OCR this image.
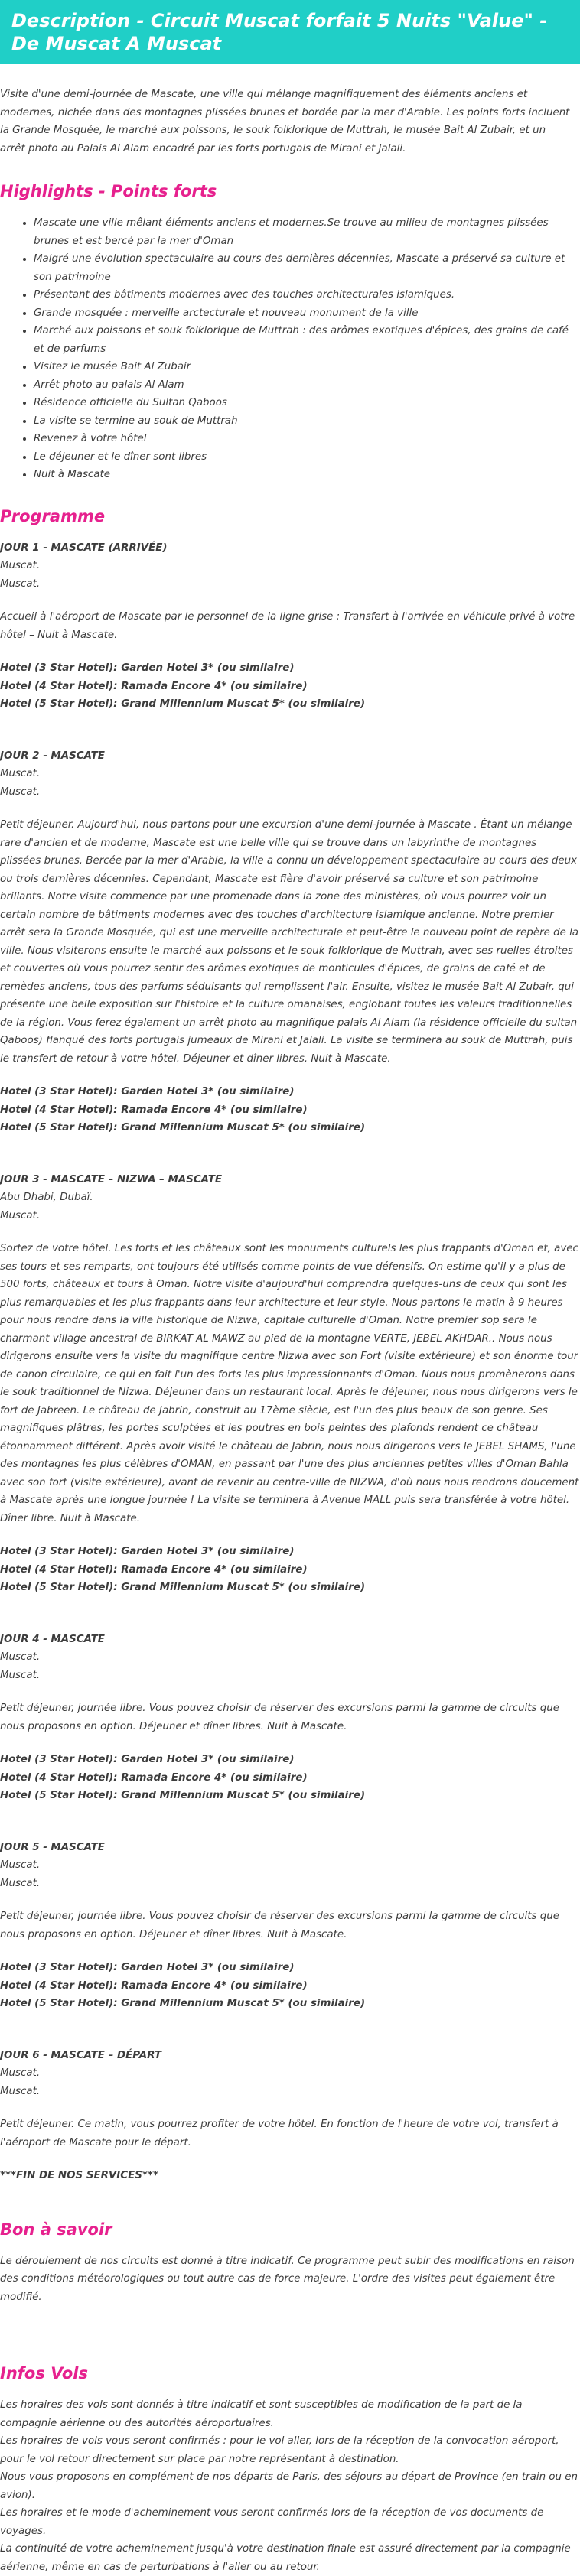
Description - Circuit Muscat forfait 5 Nuits "Value" - De Muscat A Muscat

Visite d'une demi-journée de Mascate, une ville qui mélange magnifiquement des éléments anciens et modernes, nichée dans des montagnes plissées brunes et bordée par la mer d'Arabie. Les points forts incluent la Grande Mosquée, le marché aux poissons, le souk folklorique de Muttrah, le musée Bait Al Zubair, et un arrêt photo au Palais Al Alam encadré par les forts portugais de Mirani et Jalali.

Highlights - Points forts
• Mascate une ville mêlant éléments anciens et modernes.Se trouve au milieu de montagnes plissées brunes et est bercé par la mer d'Oman
• Malgré une évolution spectaculaire au cours des dernières décennies, Mascate a préservé sa culture et son patrimoine
• Présentant des bâtiments modernes avec des touches architecturales islamiques.
• Grande mosquée : merveille arctecturale et nouveau monument de la ville
• Marché aux poissons et souk folklorique de Muttrah : des arômes exotiques d'épices, des grains de café et de parfums
• Visitez le musée Bait Al Zubair
• Arrêt photo au palais Al Alam
• Résidence officielle du Sultan Qaboos
• La visite se termine au souk de Muttrah
• Revenez à votre hôtel
• Le déjeuner et le dîner sont libres
• Nuit à Mascate
Programme
JOUR 1 - MASCATE (ARRIVÉE)
Muscat.
Muscat.

Accueil à l'aéroport de Mascate par le personnel de la ligne grise : Transfert à l'arrivée en véhicule privé à votre hôtel – Nuit à Mascate.

Hotel (3 Star Hotel): Garden Hotel 3* (ou similaire)
Hotel (4 Star Hotel): Ramada Encore 4* (ou similaire)
Hotel (5 Star Hotel): Grand Millennium Muscat 5* (ou similaire)
JOUR 2 - MASCATE
Muscat.
Muscat.

Petit déjeuner. Aujourd'hui, nous partons pour une excursion d'une demi-journée à Mascate . Étant un mélange rare d'ancien et de moderne, Mascate est une belle ville qui se trouve dans un labyrinthe de montagnes plissées brunes. Bercée par la mer d'Arabie, la ville a connu un développement spectaculaire au cours des deux ou trois dernières décennies. Cependant, Mascate est fière d'avoir préservé sa culture et son patrimoine brillants. Notre visite commence par une promenade dans la zone des ministères, où vous pourrez voir un certain nombre de bâtiments modernes avec des touches d'architecture islamique ancienne. Notre premier arrêt sera la Grande Mosquée, qui est une merveille architecturale et peut-être le nouveau point de repère de la ville. Nous visiterons ensuite le marché aux poissons et le souk folklorique de Muttrah, avec ses ruelles étroites et couvertes où vous pourrez sentir des arômes exotiques de monticules d'épices, de grains de café et de remèdes anciens, tous des parfums séduisants qui remplissent l'air. Ensuite, visitez le musée Bait Al Zubair, qui présente une belle exposition sur l'histoire et la culture omanaises, englobant toutes les valeurs traditionnelles de la région. Vous ferez également un arrêt photo au magnifique palais Al Alam (la résidence officielle du sultan Qaboos) flanqué des forts portugais jumeaux de Mirani et Jalali. La visite se terminera au souk de Muttrah, puis le transfert de retour à votre hôtel. Déjeuner et dîner libres. Nuit à Mascate.

Hotel (3 Star Hotel): Garden Hotel 3* (ou similaire)
Hotel (4 Star Hotel): Ramada Encore 4* (ou similaire)
Hotel (5 Star Hotel): Grand Millennium Muscat 5* (ou similaire)
JOUR 3 - MASCATE – NIZWA – MASCATE
Abu Dhabi, Dubaï.
Muscat.

Sortez de votre hôtel. Les forts et les châteaux sont les monuments culturels les plus frappants d'Oman et, avec ses tours et ses remparts, ont toujours été utilisés comme points de vue défensifs. On estime qu'il y a plus de 500 forts, châteaux et tours à Oman. Notre visite d'aujourd'hui comprendra quelques-uns de ceux qui sont les plus remarquables et les plus frappants dans leur architecture et leur style. Nous partons le matin à 9 heures pour nous rendre dans la ville historique de Nizwa, capitale culturelle d'Oman. Notre premier sop sera le charmant village ancestral de BIRKAT AL MAWZ au pied de la montagne VERTE, JEBEL AKHDAR.. Nous nous dirigerons ensuite vers la visite du magnifique centre Nizwa avec son Fort (visite extérieure) et son énorme tour de canon circulaire, ce qui en fait l'un des forts les plus impressionnants d'Oman. Nous nous promènerons dans le souk traditionnel de Nizwa. Déjeuner dans un restaurant local. Après le déjeuner, nous nous dirigerons vers le fort de Jabreen. Le château de Jabrin, construit au 17ème siècle, est l'un des plus beaux de son genre. Ses magnifiques plâtres, les portes sculptées et les poutres en bois peintes des plafonds rendent ce château étonnamment différent. Après avoir visité le château de Jabrin, nous nous dirigerons vers le JEBEL SHAMS, l'une des montagnes les plus célèbres d'OMAN, en passant par l'une des plus anciennes petites villes d'Oman Bahla avec son fort (visite extérieure), avant de revenir au centre-ville de NIZWA, d'où nous nous rendrons doucement à Mascate après une longue journée ! La visite se terminera à Avenue MALL puis sera transférée à votre hôtel. Dîner libre. Nuit à Mascate.

Hotel (3 Star Hotel): Garden Hotel 3* (ou similaire)
Hotel (4 Star Hotel): Ramada Encore 4* (ou similaire)
Hotel (5 Star Hotel): Grand Millennium Muscat 5* (ou similaire)
JOUR 4 - MASCATE
Muscat.
Muscat.

Petit déjeuner, journée libre. Vous pouvez choisir de réserver des excursions parmi la gamme de circuits que nous proposons en option. Déjeuner et dîner libres. Nuit à Mascate.

Hotel (3 Star Hotel): Garden Hotel 3* (ou similaire)
Hotel (4 Star Hotel): Ramada Encore 4* (ou similaire)
Hotel (5 Star Hotel): Grand Millennium Muscat 5* (ou similaire)
JOUR 5 - MASCATE
Muscat.
Muscat.

Petit déjeuner, journée libre. Vous pouvez choisir de réserver des excursions parmi la gamme de circuits que nous proposons en option. Déjeuner et dîner libres. Nuit à Mascate.

Hotel (3 Star Hotel): Garden Hotel 3* (ou similaire)
Hotel (4 Star Hotel): Ramada Encore 4* (ou similaire)
Hotel (5 Star Hotel): Grand Millennium Muscat 5* (ou similaire)
JOUR 6 - MASCATE – DÉPART
Muscat.
Muscat.

Petit déjeuner. Ce matin, vous pourrez profiter de votre hôtel. En fonction de l'heure de votre vol, transfert à l'aéroport de Mascate pour le départ.

***FIN DE NOS SERVICES***

Bon à savoir

Le déroulement de nos circuits est donné à titre indicatif. Ce programme peut subir des modifications en raison des conditions météorologiques ou tout autre cas de force majeure. L'ordre des visites peut également être modifié.

Infos Vols

Les horaires des vols sont donnés à titre indicatif et sont susceptibles de modification de la part de la compagnie aérienne ou des autorités aéroportuaires.

Les horaires de vols vous seront confirmés : pour le vol aller, lors de la réception de la convocation aéroport, pour le vol retour directement sur place par notre représentant à destination.

Nous vous proposons en complément de nos départs de Paris, des séjours au départ de Province (en train ou en avion).

Les horaires et le mode d'acheminement vous seront confirmés lors de la réception de vos documents de voyages.

La continuité de votre acheminement jusqu'à votre destination finale est assuré directement par la compagnie aérienne, même en cas de perturbations à l'aller ou au retour.
